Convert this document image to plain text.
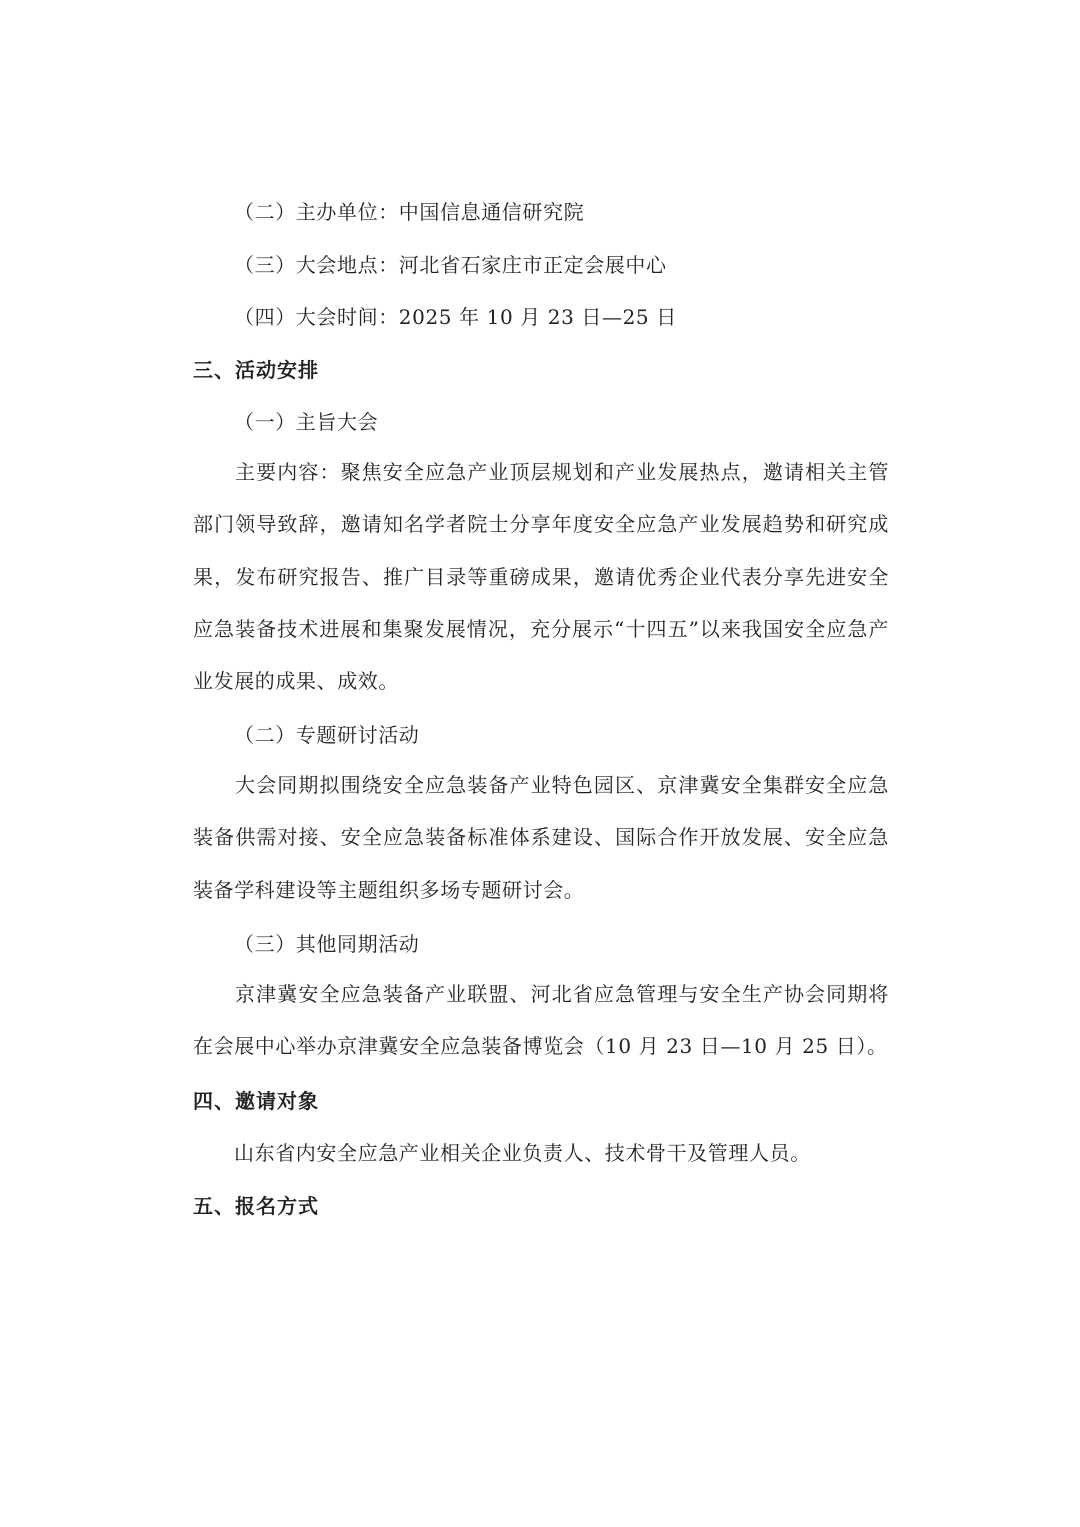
（二）主办单位：中国信息通信研究院
（三）大会地点：河北省石家庄市正定会展中心
（四）大会时间：2025 年 10 月 23 日—25 日
三、活动安排
（一）主旨大会
主要内容：聚焦安全应急产业顶层规划和产业发展热点，邀请相关主管部门领导致辞，邀请知名学者院士分享年度安全应急产业发展趋势和研究成果，发布研究报告、推广目录等重磅成果，邀请优秀企业代表分享先进安全应急装备技术进展和集聚发展情况，充分展示“十四五”以来我国安全应急产业发展的成果、成效。
（二）专题研讨活动
大会同期拟围绕安全应急装备产业特色园区、京津冀安全集群安全应急装备供需对接、安全应急装备标准体系建设、国际合作开放发展、安全应急装备学科建设等主题组织多场专题研讨会。
（三）其他同期活动
京津冀安全应急装备产业联盟、河北省应急管理与安全生产协会同期将在会展中心举办京津冀安全应急装备博览会（10 月 23 日—10 月 25 日）。
四、邀请对象
山东省内安全应急产业相关企业负责人、技术骨干及管理人员。
五、报名方式
